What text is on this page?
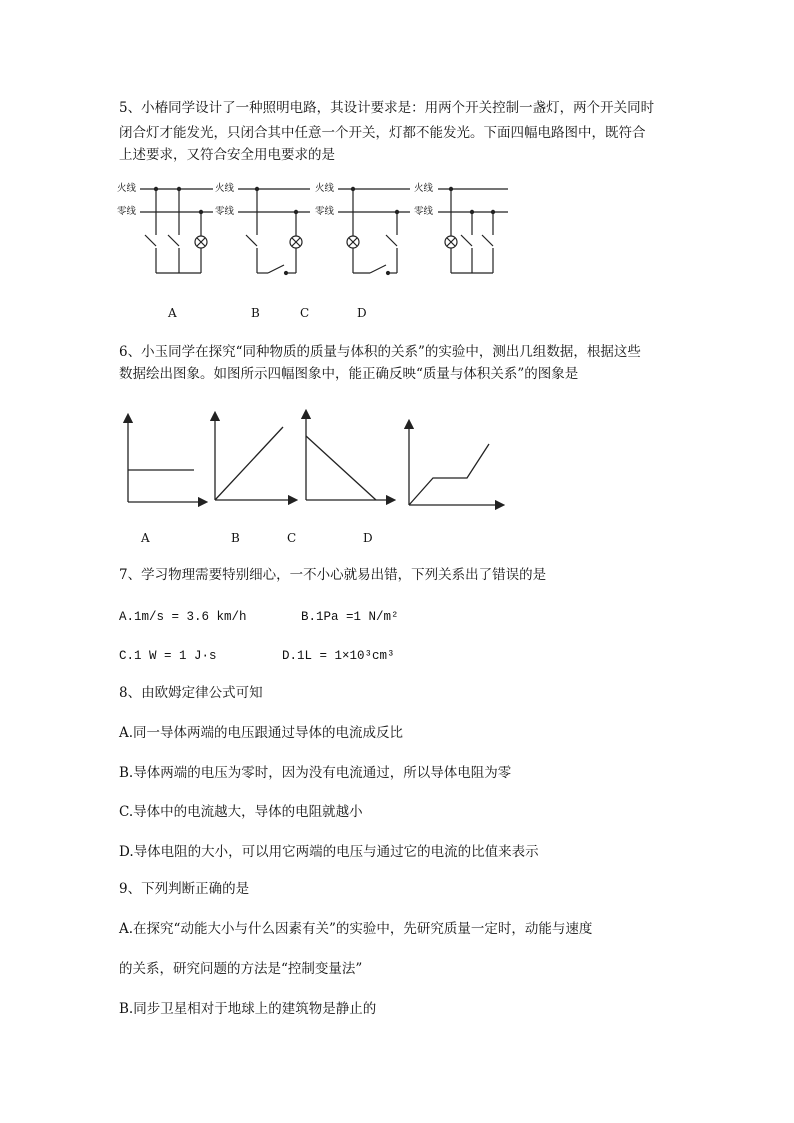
5、小椿同学设计了一种照明电路，其设计要求是：用两个开关控制一盏灯，两个开关同时
闭合灯才能发光，只闭合其中任意一个开关，灯都不能发光。下面四幅电路图中，既符合
上述要求，又符合安全用电要求的是
火线
零线
火线
零线
火线
零线
火线
零线
A	B	C	D
6、小玉同学在探究“同种物质的质量与体积的关系”的实验中，测出几组数据，根据这些
数据绘出图象。如图所示四幅图象中，能正确反映“质量与体积关系”的图象是
A	B	C	D
7、学习物理需要特别细心，一不小心就易出错，下列关系出了错误的是
A.1m/s = 3.6 km/h	B.1Pa =1 N/m²
C.1 W = 1 J·s	D.1L = 1×10³cm³
8、由欧姆定律公式可知
A.同一导体两端的电压跟通过导体的电流成反比
B.导体两端的电压为零时，因为没有电流通过，所以导体电阻为零
C.导体中的电流越大，导体的电阻就越小
D.导体电阻的大小，可以用它两端的电压与通过它的电流的比值来表示
9、下列判断正确的是
A.在探究“动能大小与什么因素有关”的实验中，先研究质量一定时，动能与速度
的关系，研究问题的方法是“控制变量法”
B.同步卫星相对于地球上的建筑物是静止的
